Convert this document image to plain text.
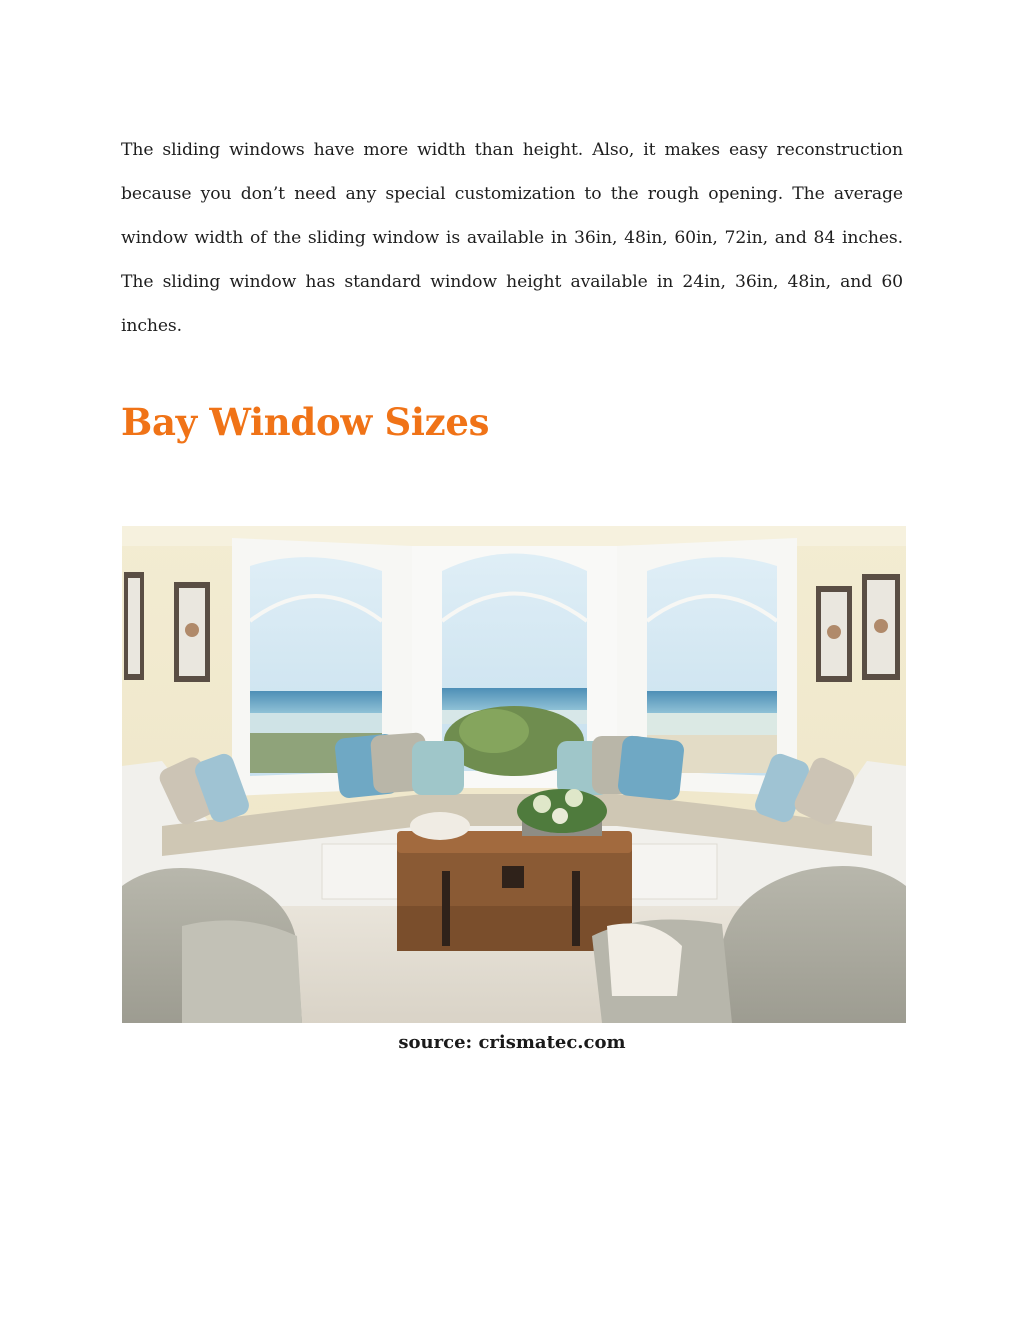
The sliding windows have more width than height. Also, it makes easy reconstruction because you don’t need any special customization to the rough opening. The average window width of the sliding window is available in 36in, 48in, 60in, 72in, and 84 inches. The sliding window has standard window height available in 24in, 36in, 48in, and 60 inches.

Bay Window Sizes

source: crismatec.com
